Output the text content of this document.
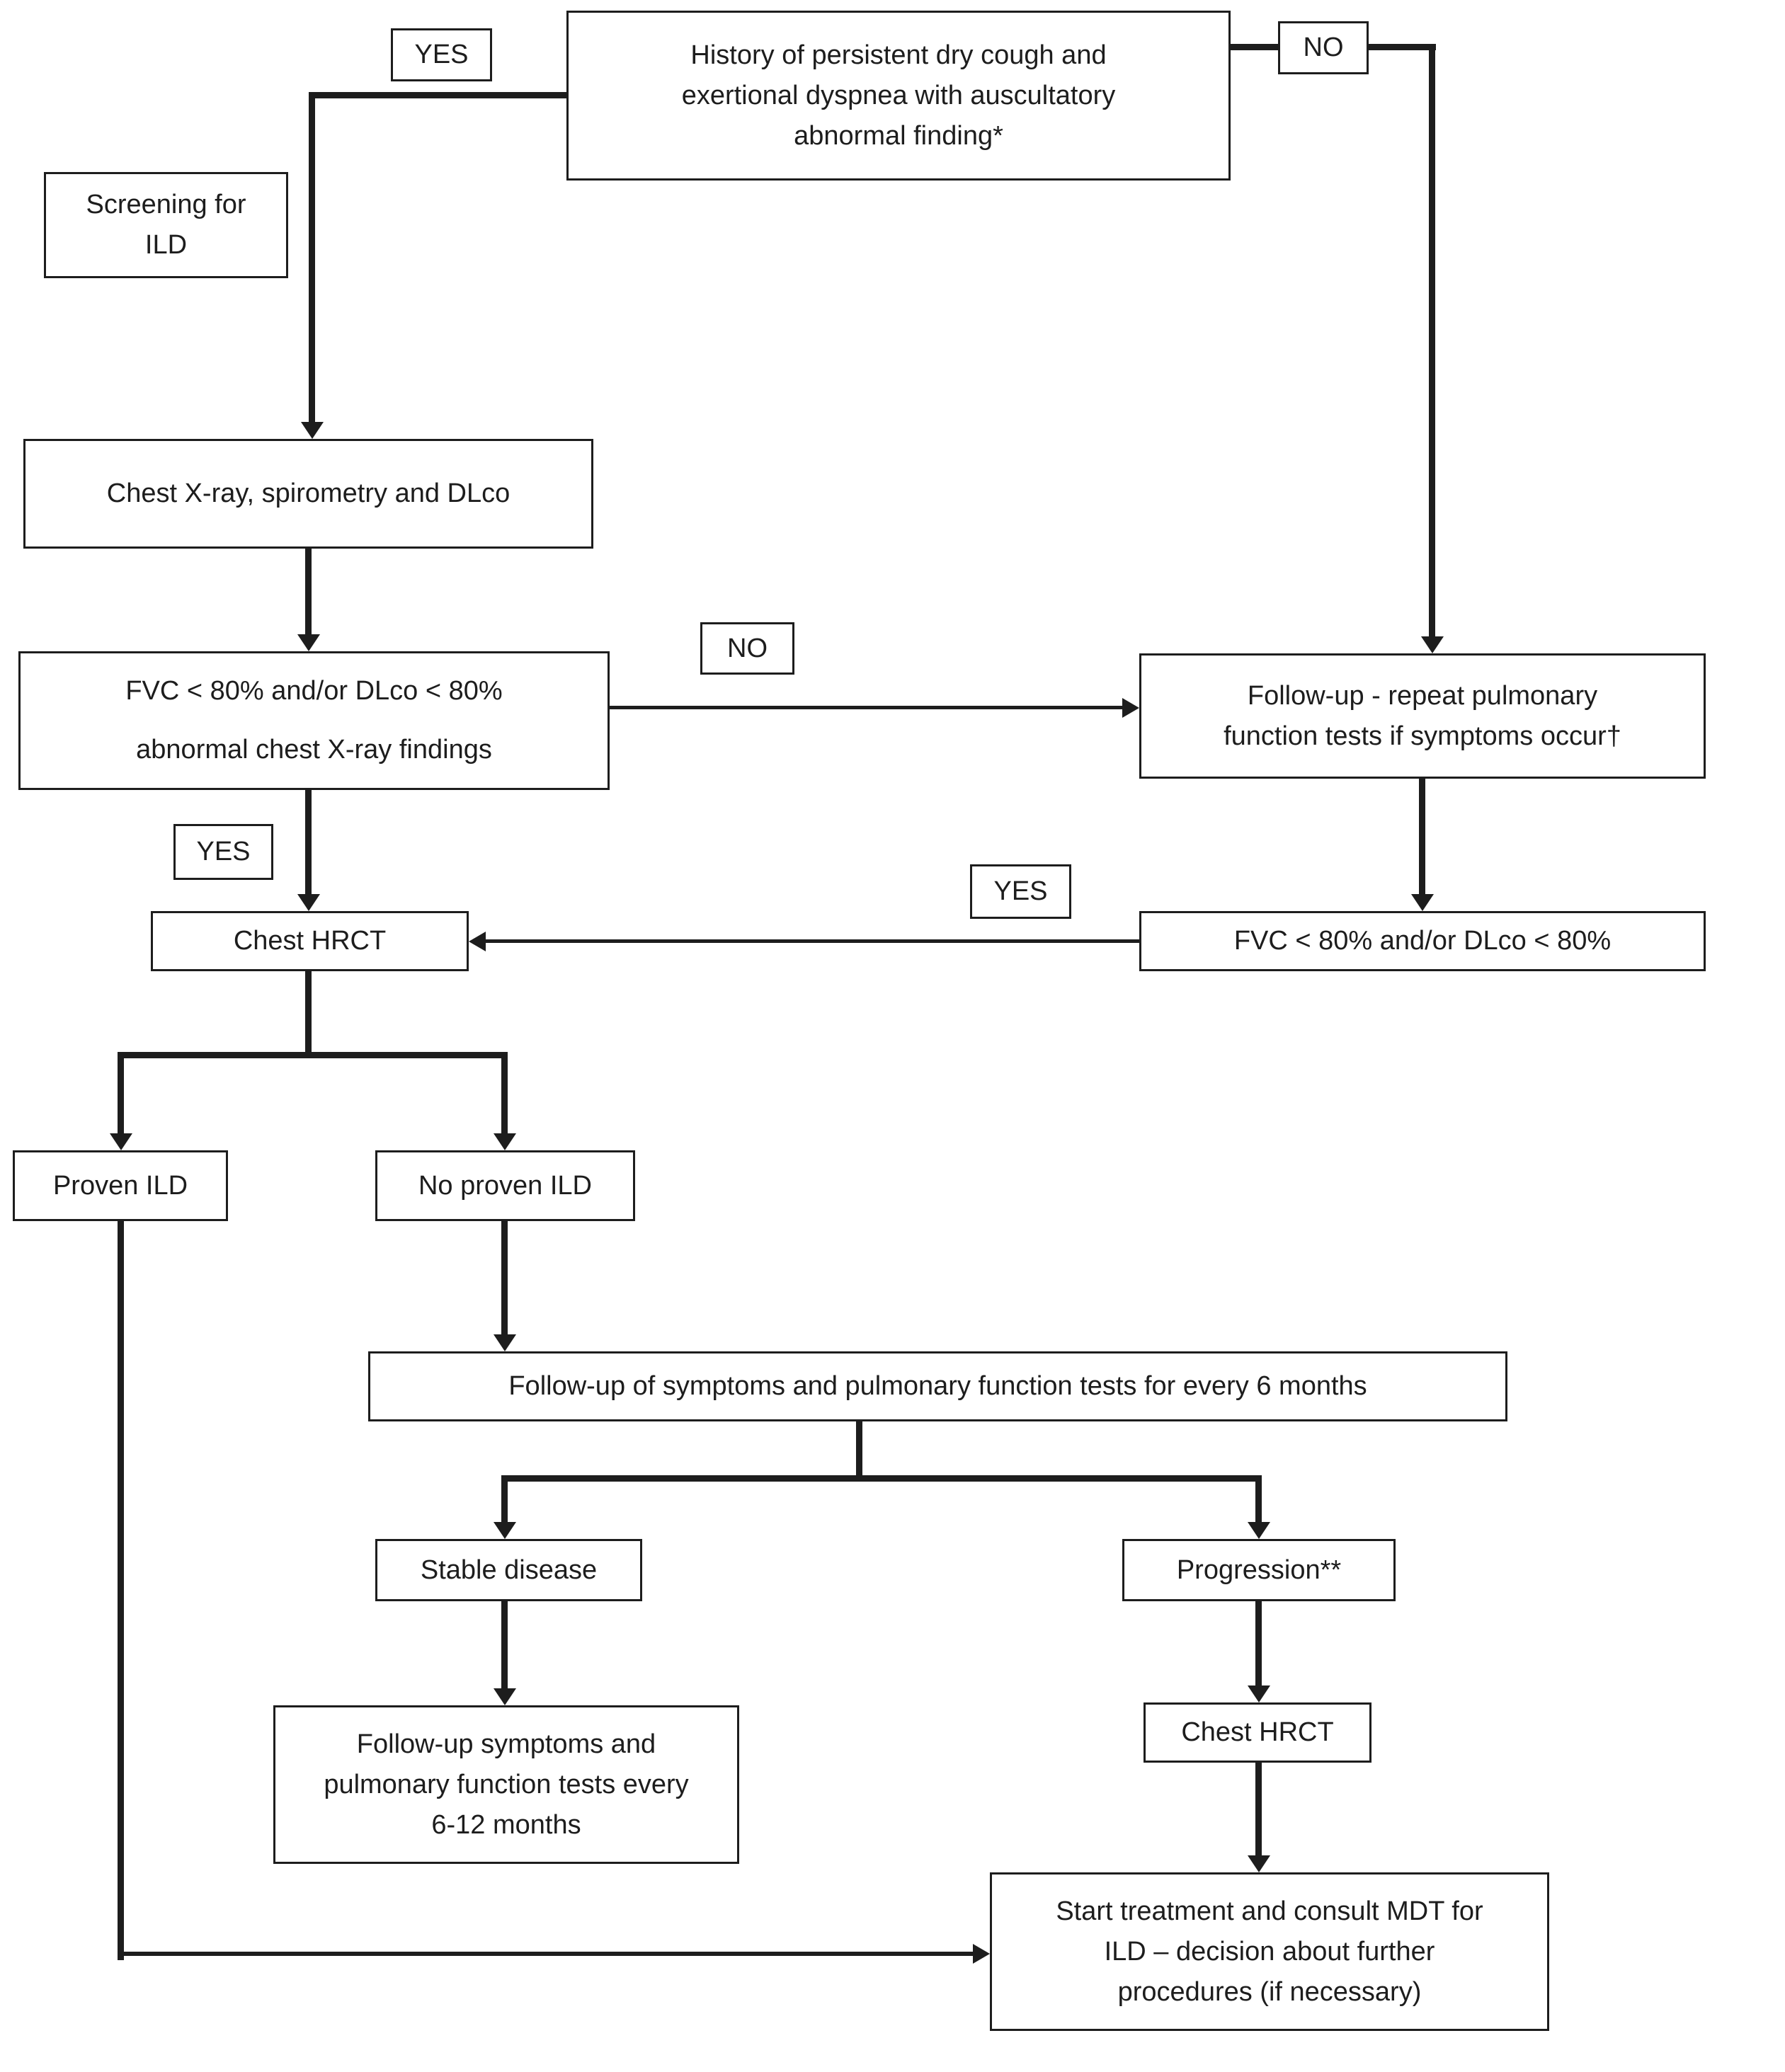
History of persistent dry cough and exertional dyspnea with auscultatory abnormal finding*
YES	NO
Screening for ILD
Chest X-ray, spirometry and DLco
FVC < 80% and/or DLco < 80%
abnormal chest X-ray findings
NO
Follow-up - repeat pulmonary function tests if symptoms occur†
YES
Chest HRCT
YES
FVC < 80% and/or DLco < 80%
Proven ILD	No proven ILD
Follow-up of symptoms and pulmonary function tests for every 6 months
Stable disease	Progression**
Follow-up symptoms and pulmonary function tests every 6-12 months
Chest HRCT
Start treatment and consult MDT for ILD – decision about further procedures (if necessary)
